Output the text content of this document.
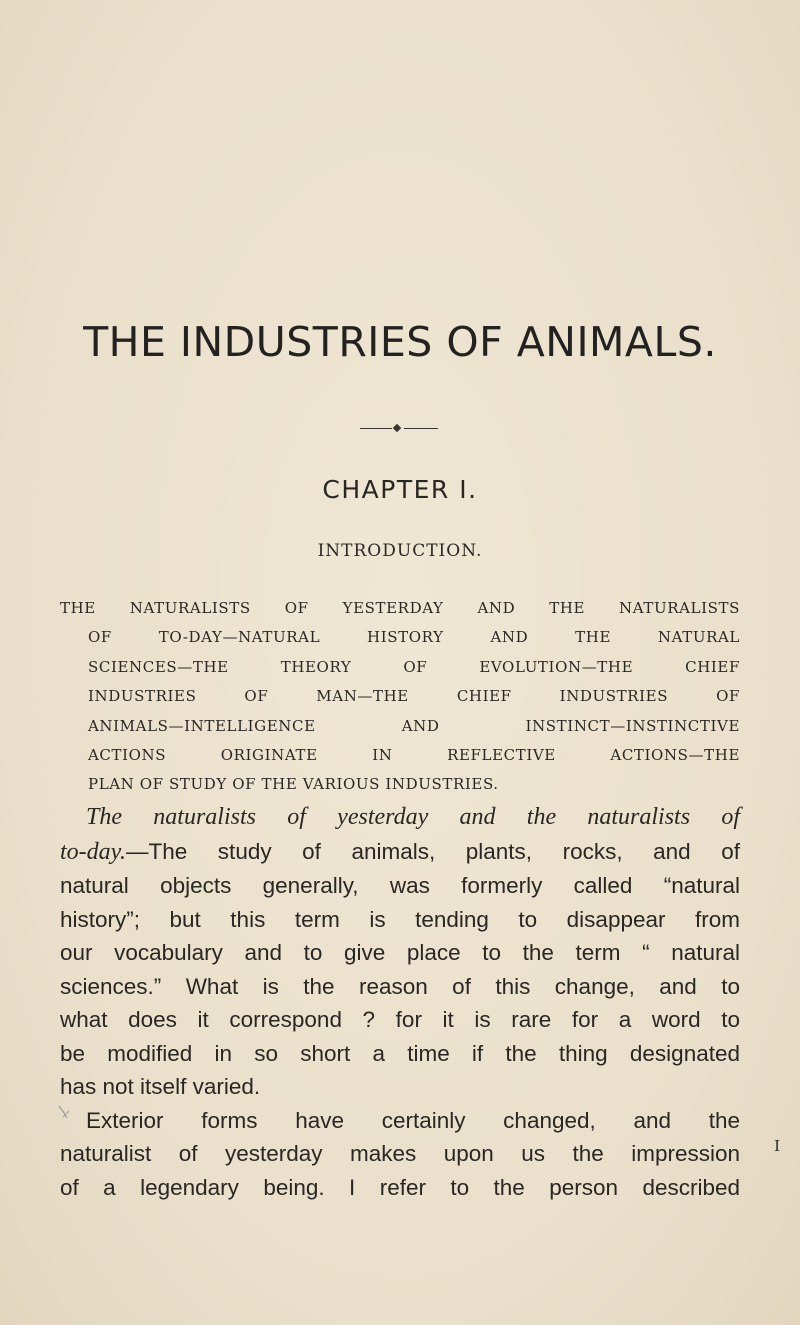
THE INDUSTRIES OF ANIMALS.
CHAPTER I.
INTRODUCTION.

THE NATURALISTS OF YESTERDAY AND THE NATURALISTS
OF TO-DAY—NATURAL HISTORY AND THE NATURAL
SCIENCES—THE THEORY OF EVOLUTION—THE CHIEF
INDUSTRIES OF MAN—THE CHIEF INDUSTRIES OF
ANIMALS—INTELLIGENCE AND INSTINCT—INSTINCTIVE
ACTIONS ORIGINATE IN REFLECTIVE ACTIONS—THE
PLAN OF STUDY OF THE VARIOUS INDUSTRIES.

The naturalists of yesterday and the naturalists of
to-day.—The study of animals, plants, rocks, and of
natural objects generally, was formerly called “natural
history”; but this term is tending to disappear from
our vocabulary and to give place to the term “ natural
sciences.” What is the reason of this change, and to
what does it correspond ? for it is rare for a word to
be modified in so short a time if the thing designated
has not itself varied.
Exterior forms have certainly changed, and the
naturalist of yesterday makes upon us the impression
of a legendary being. I refer to the person described
I
